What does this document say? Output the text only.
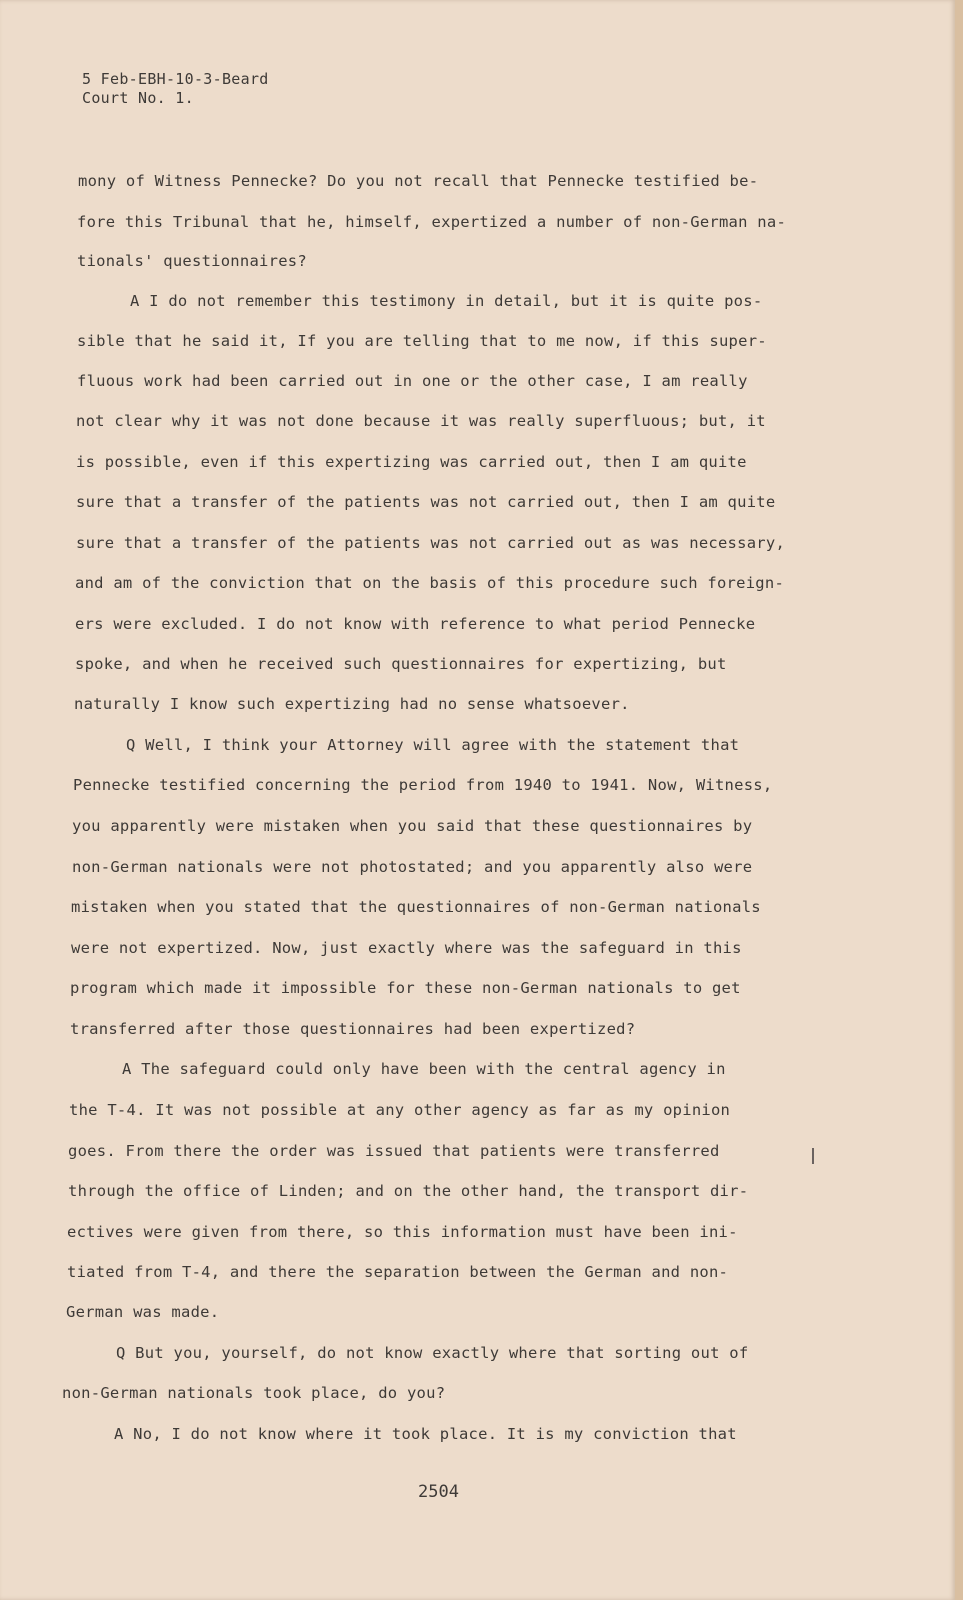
5 Feb-EBH-10-3-Beard
Court No. 1.
mony of Witness Pennecke? Do you not recall that Pennecke testified be-
fore this Tribunal that he, himself, expertized a number of non-German na-
tionals' questionnaires?
A I do not remember this testimony in detail, but it is quite pos-
sible that he said it, If you are telling that to me now, if this super-
fluous work had been carried out in one or the other case, I am really
not clear why it was not done because it was really superfluous; but, it
is possible, even if this expertizing was carried out, then I am quite
sure that a transfer of the patients was not carried out, then I am quite
sure that a transfer of the patients was not carried out as was necessary,
and am of the conviction that on the basis of this procedure such foreign-
ers were excluded. I do not know with reference to what period Pennecke
spoke, and when he received such questionnaires for expertizing, but
naturally I know such expertizing had no sense whatsoever.
Q Well, I think your Attorney will agree with the statement that
Pennecke testified concerning the period from 1940 to 1941. Now, Witness,
you apparently were mistaken when you said that these questionnaires by
non-German nationals were not photostated; and you apparently also were
mistaken when you stated that the questionnaires of non-German nationals
were not expertized. Now, just exactly where was the safeguard in this
program which made it impossible for these non-German nationals to get
transferred after those questionnaires had been expertized?
A The safeguard could only have been with the central agency in
the T-4. It was not possible at any other agency as far as my opinion
goes. From there the order was issued that patients were transferred
through the office of Linden; and on the other hand, the transport dir-
ectives were given from there, so this information must have been ini-
tiated from T-4, and there the separation between the German and non-
German was made.
Q But you, yourself, do not know exactly where that sorting out of
non-German nationals took place, do you?
A No, I do not know where it took place. It is my conviction that
2504
